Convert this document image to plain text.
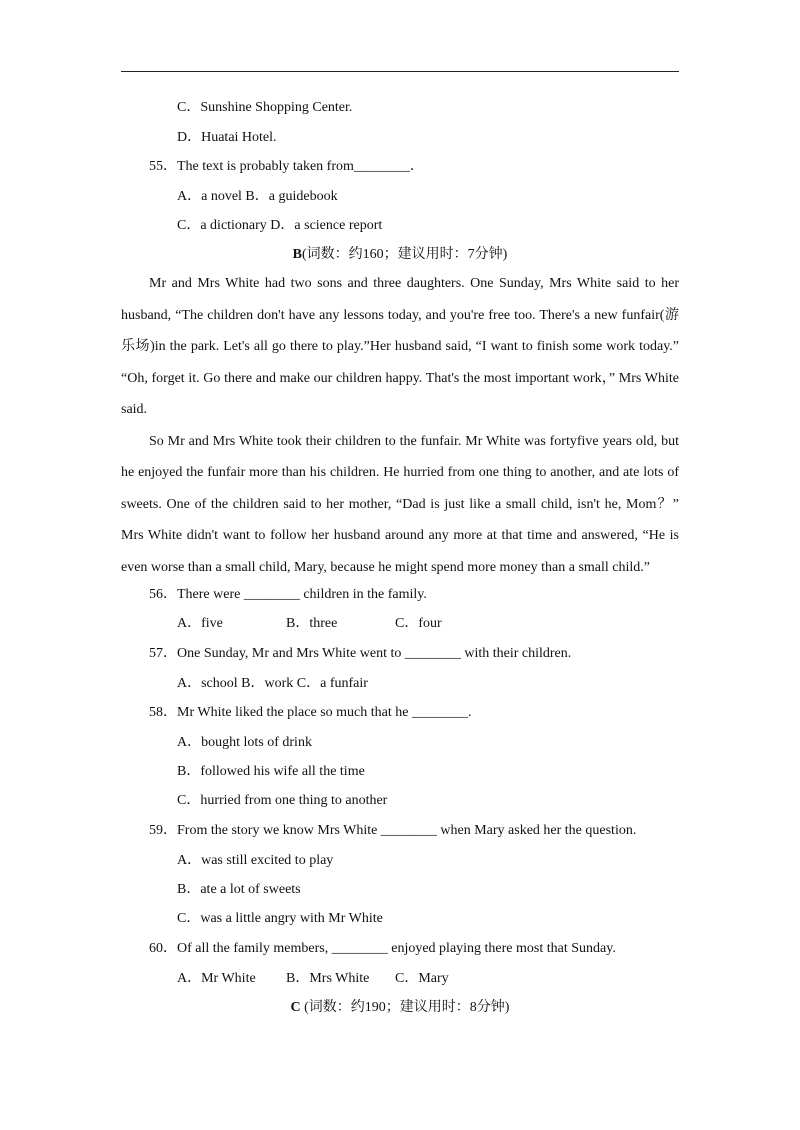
C．Sunshine Shopping Center.
D．Huatai Hotel.
55．The text is probably taken from________．
A．a novel B．a guidebook
C．a dictionary D．a science report
B(词数：约160；建议用时：7分钟)

Mr and Mrs White had two sons and three daughters. One Sunday, Mrs White said to her husband, “The children don't have any lessons today, and you're free too. There's a new funfair(游乐场)in the park. Let's all go there to play.”Her husband said, “I want to finish some work today.” “Oh, forget it. Go there and make our children happy. That's the most important work，” Mrs White said.

So Mr and Mrs White took their children to the funfair. Mr White was fortyfive years old, but he enjoyed the funfair more than his children. He hurried from one thing to another, and ate lots of sweets. One of the children said to her mother, “Dad is just like a small child, isn't he, Mom？” Mrs White didn't want to follow her husband around any more at that time and answered, “He is even worse than a small child, Mary, because he might spend more money than a small child.”

56．There were ________ children in the family.
A．five	B．three	C．four
57．One Sunday, Mr and Mrs White went to ________ with their children.
A．school B．work C．a funfair
58．Mr White liked the place so much that he ________.
A．bought lots of drink
B．followed his wife all the time
C．hurried from one thing to another
59．From the story we know Mrs White ________ when Mary asked her the question.
A．was still excited to play
B．ate a lot of sweets
C．was a little angry with Mr White
60．Of all the family members, ________ enjoyed playing there most that Sunday.
A．Mr White B．Mrs White C．Mary
C (词数：约190；建议用时：8分钟)
